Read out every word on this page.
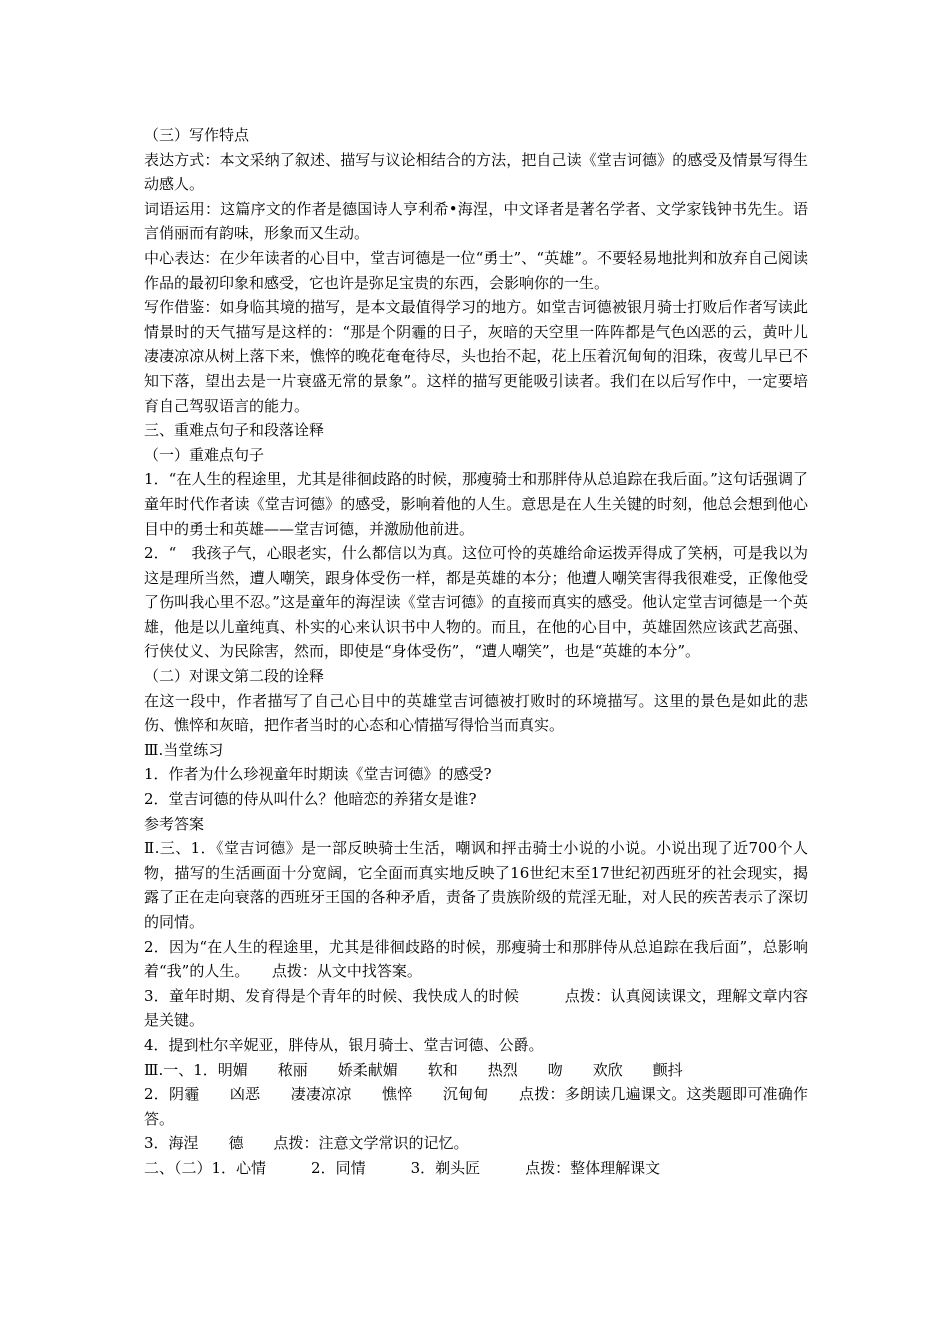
（三）写作特点

表达方式：本文采纳了叙述、描写与议论相结合的方法，把自己读《堂吉诃德》的感受及情景写得生动感人。

词语运用：这篇序文的作者是德国诗人亨利希•海涅，中文译者是著名学者、文学家钱钟书先生。语言俏丽而有韵味，形象而又生动。

中心表达：在少年读者的心目中，堂吉诃德是一位“勇士”、“英雄”。不要轻易地批判和放弃自己阅读作品的最初印象和感受，它也许是弥足宝贵的东西，会影响你的一生。

写作借鉴：如身临其境的描写，是本文最值得学习的地方。如堂吉诃德被银月骑士打败后作者写读此情景时的天气描写是这样的：“那是个阴霾的日子，灰暗的天空里一阵阵都是气色凶恶的云，黄叶儿凄凄凉凉从树上落下来，憔悴的晚花奄奄待尽，头也抬不起，花上压着沉甸甸的泪珠，夜莺儿早已不知下落，望出去是一片衰盛无常的景象”。这样的描写更能吸引读者。我们在以后写作中，一定要培育自己驾驭语言的能力。

三、重难点句子和段落诠释

（一）重难点句子

1．“在人生的程途里，尤其是徘徊歧路的时候，那瘦骑士和那胖侍从总追踪在我后面。”这句话强调了童年时代作者读《堂吉诃德》的感受，影响着他的人生。意思是在人生关键的时刻，他总会想到他心目中的勇士和英雄——堂吉诃德，并激励他前进。

2．“　我孩子气，心眼老实，什么都信以为真。这位可怜的英雄给命运拨弄得成了笑柄，可是我以为这是理所当然，遭人嘲笑，跟身体受伤一样，都是英雄的本分；他遭人嘲笑害得我很难受，正像他受了伤叫我心里不忍。”这是童年的海涅读《堂吉诃德》的直接而真实的感受。他认定堂吉诃德是一个英雄，他是以儿童纯真、朴实的心来认识书中人物的。而且，在他的心目中，英雄固然应该武艺高强、行侠仗义、为民除害，然而，即使是“身体受伤”，“遭人嘲笑”，也是“英雄的本分”。

（二）对课文第二段的诠释

在这一段中，作者描写了自己心目中的英雄堂吉诃德被打败时的环境描写。这里的景色是如此的悲伤、憔悴和灰暗，把作者当时的心态和心情描写得恰当而真实。

Ⅲ.当堂练习

1．作者为什么珍视童年时期读《堂吉诃德》的感受?

2．堂吉诃德的侍从叫什么？他暗恋的养猪女是谁?

参考答案

Ⅱ.三、1．《堂吉诃德》是一部反映骑士生活，嘲讽和抨击骑士小说的小说。小说出现了近700个人物，描写的生活画面十分宽阔，它全面而真实地反映了16世纪末至17世纪初西班牙的社会现实，揭露了正在走向衰落的西班牙王国的各种矛盾，责备了贵族阶级的荒淫无耻，对人民的疾苦表示了深切的同情。

2．因为“在人生的程途里，尤其是徘徊歧路的时候，那瘦骑士和那胖侍从总追踪在我后面”，总影响着“我”的人生。　　点拨：从文中找答案。

3．童年时期、发育得是个青年的时候、我快成人的时候　　　点拨：认真阅读课文，理解文章内容是关键。

4．提到杜尔辛妮亚，胖侍从，银月骑士、堂吉诃德、公爵。

Ⅲ.一、1．明媚　　秾丽　　娇柔献媚　　软和　　热烈　　吻　　欢欣　　颤抖

2．阴霾　　凶恶　　凄凄凉凉　　憔悴　　沉甸甸　　点拨：多朗读几遍课文。这类题即可准确作答。

3．海涅　　德　　点拨：注意文学常识的记忆。

二、（二）1．心情　　　2．同情　　　3．剃头匠　　　点拨：整体理解课文
